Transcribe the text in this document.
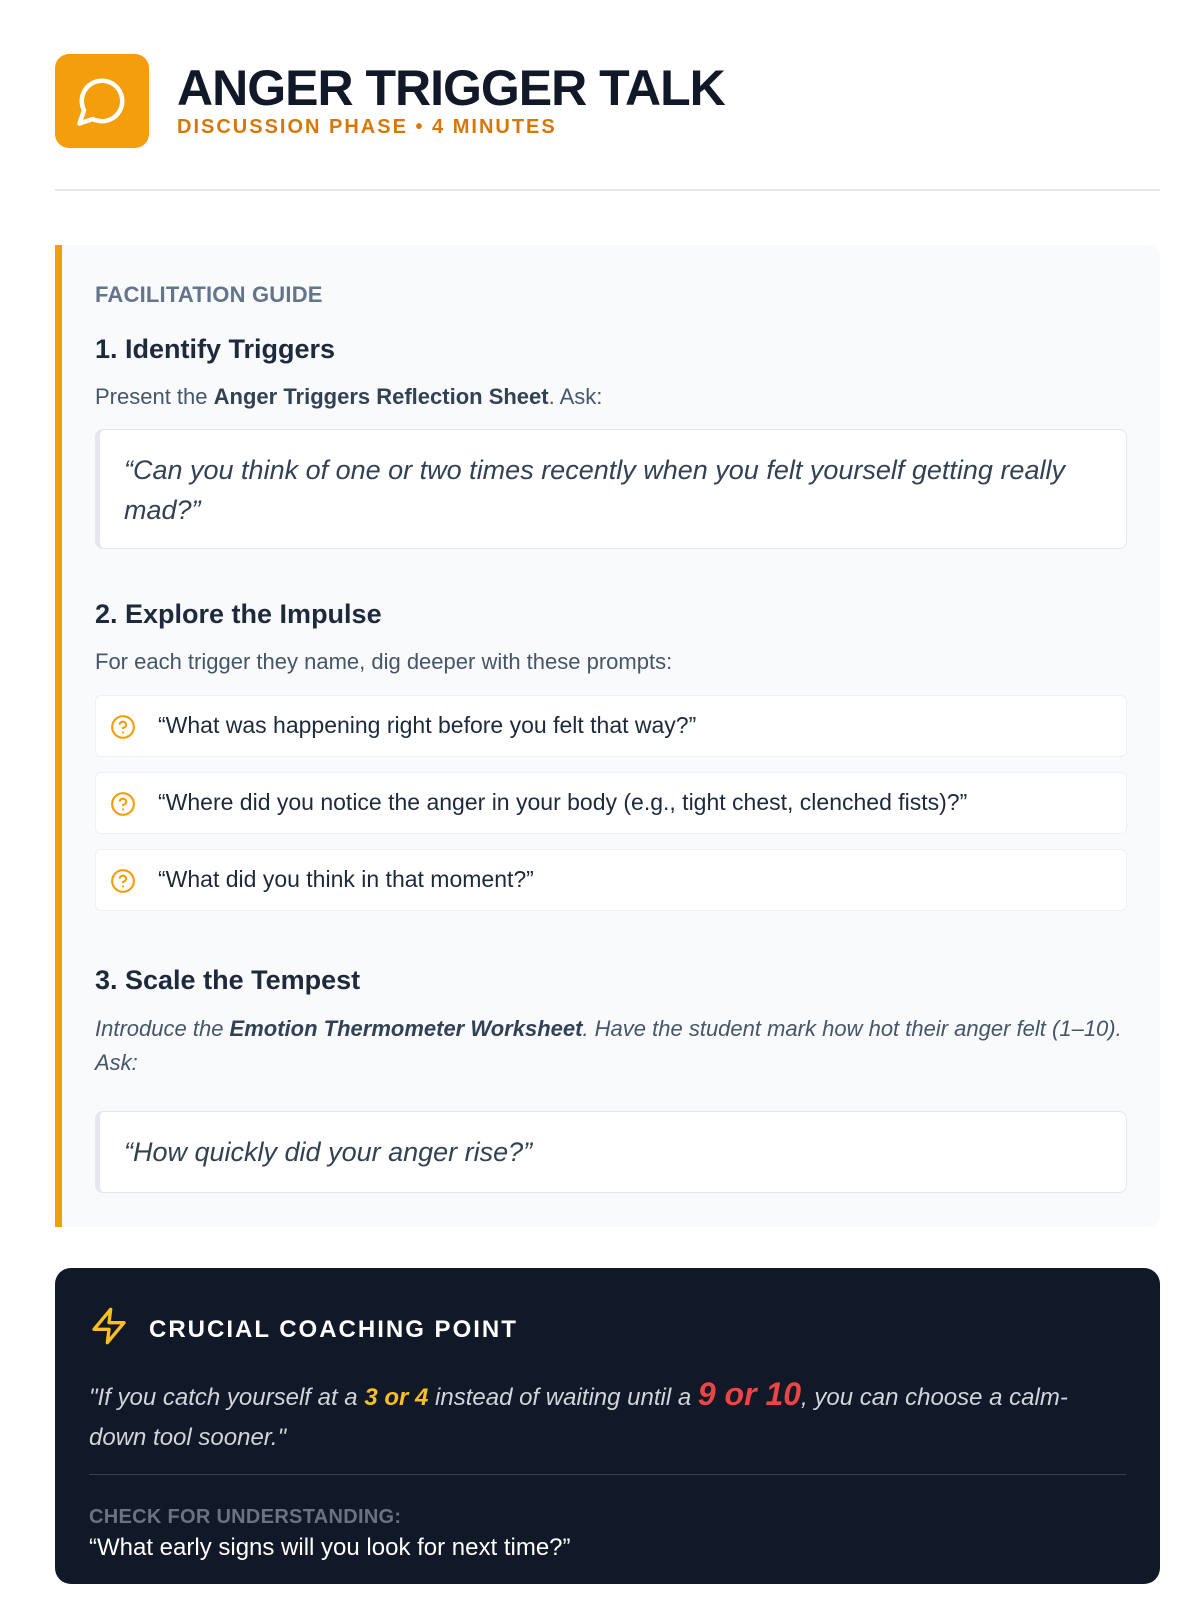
ANGER TRIGGER TALK
DISCUSSION PHASE • 4 MINUTES
FACILITATION GUIDE
1. Identify Triggers
Present the Anger Triggers Reflection Sheet. Ask:
“Can you think of one or two times recently when you felt yourself getting really mad?”
2. Explore the Impulse
For each trigger they name, dig deeper with these prompts:
“What was happening right before you felt that way?”
“Where did you notice the anger in your body (e.g., tight chest, clenched fists)?”
“What did you think in that moment?”
3. Scale the Tempest
Introduce the Emotion Thermometer Worksheet. Have the student mark how hot their anger felt (1–10). Ask:
“How quickly did your anger rise?”
CRUCIAL COACHING POINT
"If you catch yourself at a 3 or 4 instead of waiting until a 9 or 10, you can choose a calm-down tool sooner."
CHECK FOR UNDERSTANDING:
“What early signs will you look for next time?”
